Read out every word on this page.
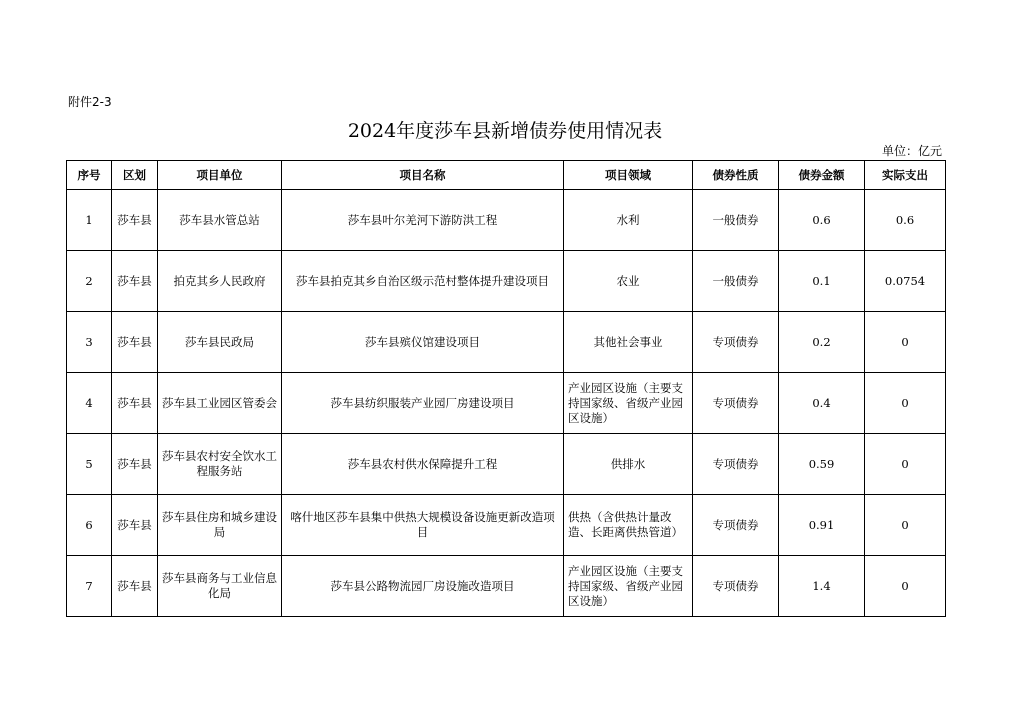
附件2-3
2024年度莎车县新增债券使用情况表
单位：亿元
序号	区划	项目单位	项目名称	项目领域	债券性质	债券金额	实际支出
1	莎车县	莎车县水管总站	莎车县叶尔羌河下游防洪工程	水利	一般债券	0.6	0.6
2	莎车县	拍克其乡人民政府	莎车县拍克其乡自治区级示范村整体提升建设项目	农业	一般债券	0.1	0.0754
3	莎车县	莎车县民政局	莎车县殡仪馆建设项目	其他社会事业	专项债券	0.2	0
4	莎车县	莎车县工业园区管委会	莎车县纺织服装产业园厂房建设项目	产业园区设施（主要支持国家级、省级产业园区设施）	专项债券	0.4	0
5	莎车县	莎车县农村安全饮水工程服务站	莎车县农村供水保障提升工程	供排水	专项债券	0.59	0
6	莎车县	莎车县住房和城乡建设局	喀什地区莎车县集中供热大规模设备设施更新改造项目	供热（含供热计量改造、长距离供热管道）	专项债券	0.91	0
7	莎车县	莎车县商务与工业信息化局	莎车县公路物流园厂房设施改造项目	产业园区设施（主要支持国家级、省级产业园区设施）	专项债券	1.4	0
